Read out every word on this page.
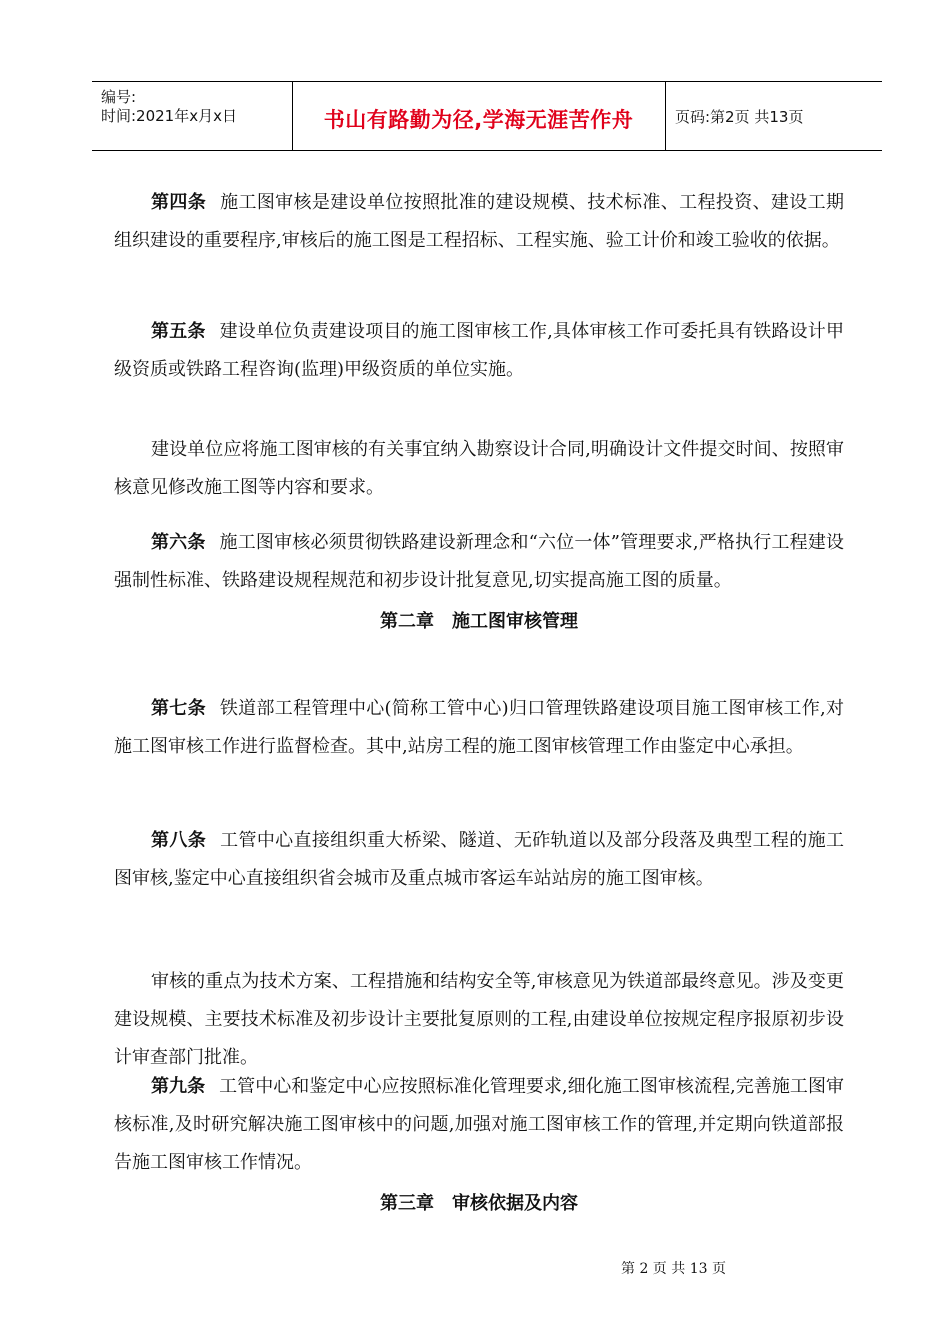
编号:
时间:2021年x月x日	书山有路勤为径,学海无涯苦作舟	页码:第2页 共13页
第四条 施工图审核是建设单位按照批准的建设规模、技术标准、工程投资、建设工期组织建设的重要程序,审核后的施工图是工程招标、工程实施、验工计价和竣工验收的依据。
第五条 建设单位负责建设项目的施工图审核工作,具体审核工作可委托具有铁路设计甲级资质或铁路工程咨询(监理)甲级资质的单位实施。
建设单位应将施工图审核的有关事宜纳入勘察设计合同,明确设计文件提交时间、按照审核意见修改施工图等内容和要求。
第六条 施工图审核必须贯彻铁路建设新理念和“六位一体”管理要求,严格执行工程建设强制性标准、铁路建设规程规范和初步设计批复意见,切实提高施工图的质量。
第二章　施工图审核管理
第七条 铁道部工程管理中心(简称工管中心)归口管理铁路建设项目施工图审核工作,对施工图审核工作进行监督检查。其中,站房工程的施工图审核管理工作由鉴定中心承担。
第八条 工管中心直接组织重大桥梁、隧道、无砟轨道以及部分段落及典型工程的施工图审核,鉴定中心直接组织省会城市及重点城市客运车站站房的施工图审核。
审核的重点为技术方案、工程措施和结构安全等,审核意见为铁道部最终意见。涉及变更建设规模、主要技术标准及初步设计主要批复原则的工程,由建设单位按规定程序报原初步设计审查部门批准。
第九条 工管中心和鉴定中心应按照标准化管理要求,细化施工图审核流程,完善施工图审核标准,及时研究解决施工图审核中的问题,加强对施工图审核工作的管理,并定期向铁道部报告施工图审核工作情况。
第三章　审核依据及内容
第 2 页 共 13 页
